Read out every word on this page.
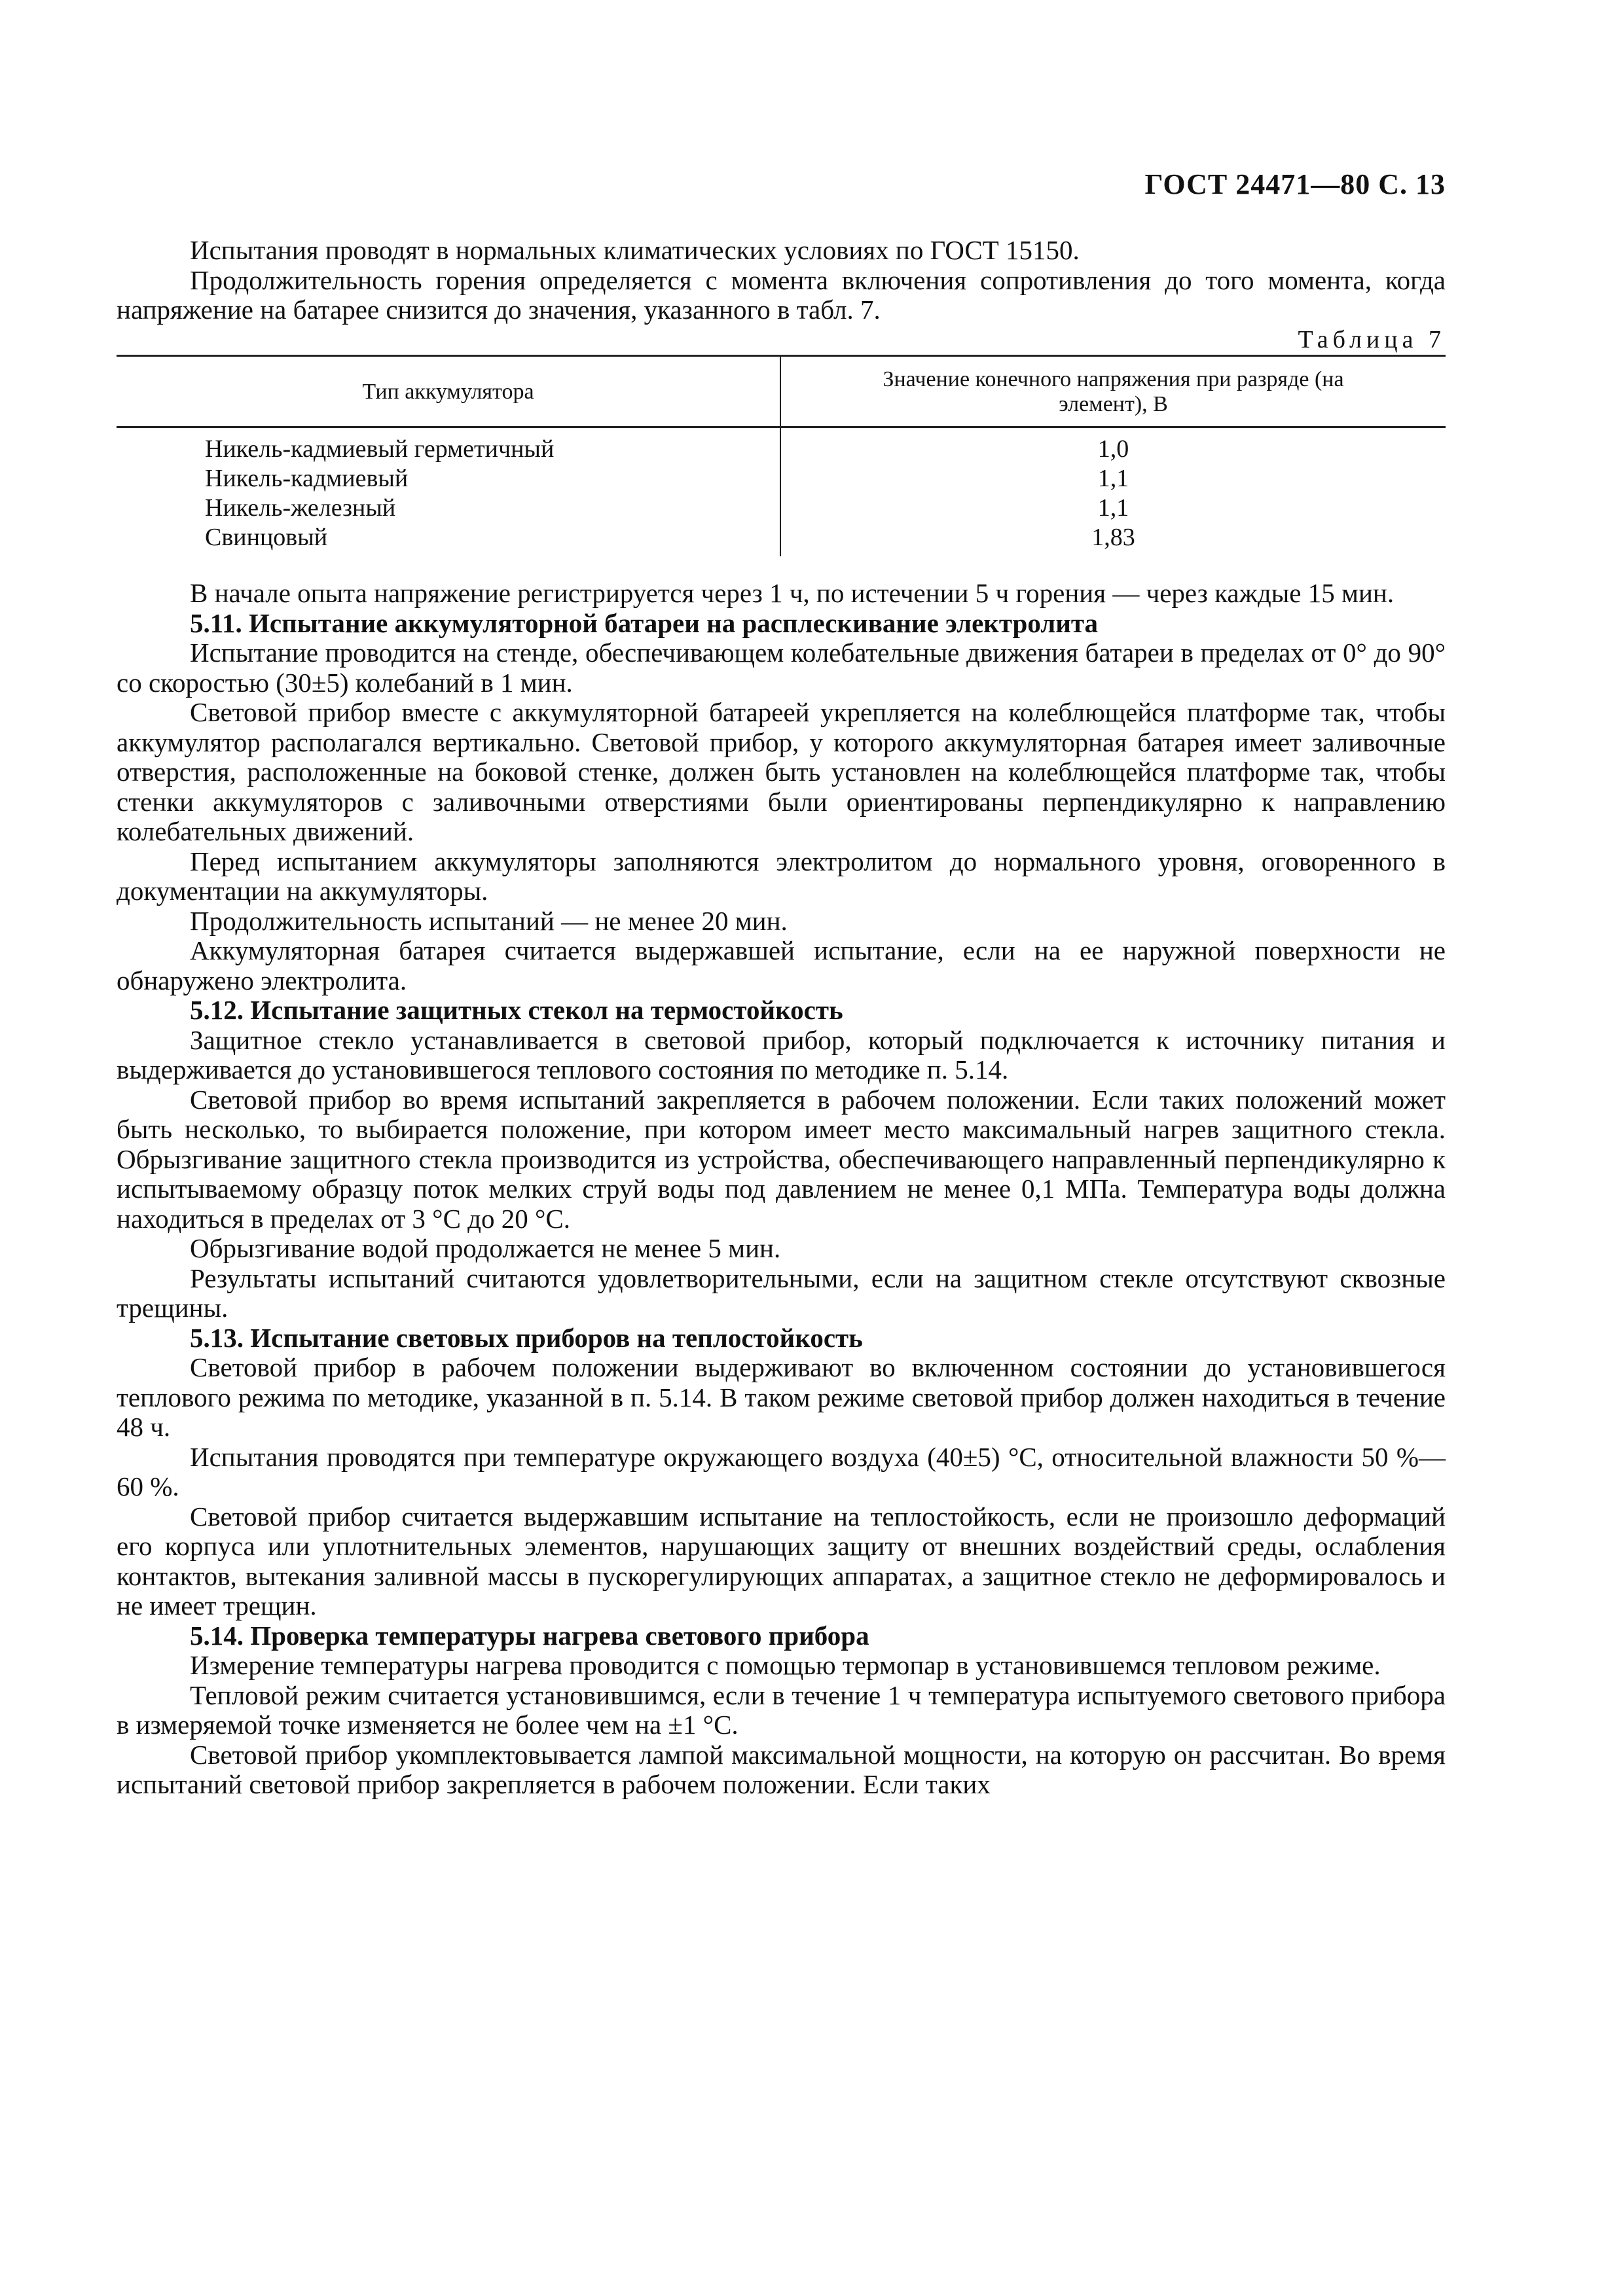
ГОСТ 24471—80 С. 13

Испытания проводят в нормальных климатических условиях по ГОСТ 15150.

Продолжительность горения определяется с момента включения сопротивления до того момента, когда напряжение на батарее снизится до значения, указанного в табл. 7.

Таблица 7

Тип аккумулятора	Значение конечного напряжения при разряде (на элемент), В

Никель-кадмиевый герметичный	1,0
Никель-кадмиевый	1,1
Никель-железный	1,1
Свинцовый	1,83

В начале опыта напряжение регистрируется через 1 ч, по истечении 5 ч горения — через каждые 15 мин.

5.11. Испытание аккумуляторной батареи на расплескивание электролита

Испытание проводится на стенде, обеспечивающем колебательные движения батареи в пределах от 0° до 90° со скоростью (30±5) колебаний в 1 мин.

Световой прибор вместе с аккумуляторной батареей укрепляется на колеблющейся платформе так, чтобы аккумулятор располагался вертикально. Световой прибор, у которого аккумуляторная батарея имеет заливочные отверстия, расположенные на боковой стенке, должен быть установлен на колеблющейся платформе так, чтобы стенки аккумуляторов с заливочными отверстиями были ориентированы перпендикулярно к направлению колебательных движений.

Перед испытанием аккумуляторы заполняются электролитом до нормального уровня, оговоренного в документации на аккумуляторы.

Продолжительность испытаний — не менее 20 мин.

Аккумуляторная батарея считается выдержавшей испытание, если на ее наружной поверхности не обнаружено электролита.

5.12. Испытание защитных стекол на термостойкость

Защитное стекло устанавливается в световой прибор, который подключается к источнику питания и выдерживается до установившегося теплового состояния по методике п. 5.14.

Световой прибор во время испытаний закрепляется в рабочем положении. Если таких положений может быть несколько, то выбирается положение, при котором имеет место максимальный нагрев защитного стекла. Обрызгивание защитного стекла производится из устройства, обеспечивающего направленный перпендикулярно к испытываемому образцу поток мелких струй воды под давлением не менее 0,1 МПа. Температура воды должна находиться в пределах от 3 °С до 20 °С.

Обрызгивание водой продолжается не менее 5 мин.

Результаты испытаний считаются удовлетворительными, если на защитном стекле отсутствуют сквозные трещины.

5.13. Испытание световых приборов на теплостойкость

Световой прибор в рабочем положении выдерживают во включенном состоянии до установившегося теплового режима по методике, указанной в п. 5.14. В таком режиме световой прибор должен находиться в течение 48 ч.

Испытания проводятся при температуре окружающего воздуха (40±5) °С, относительной влажности 50 %—60 %.

Световой прибор считается выдержавшим испытание на теплостойкость, если не произошло деформаций его корпуса или уплотнительных элементов, нарушающих защиту от внешних воздействий среды, ослабления контактов, вытекания заливной массы в пускорегулирующих аппаратах, а защитное стекло не деформировалось и не имеет трещин.

5.14. Проверка температуры нагрева светового прибора

Измерение температуры нагрева проводится с помощью термопар в установившемся тепловом режиме.

Тепловой режим считается установившимся, если в течение 1 ч температура испытуемого светового прибора в измеряемой точке изменяется не более чем на ±1 °С.

Световой прибор укомплектовывается лампой максимальной мощности, на которую он рассчитан. Во время испытаний световой прибор закрепляется в рабочем положении. Если таких
